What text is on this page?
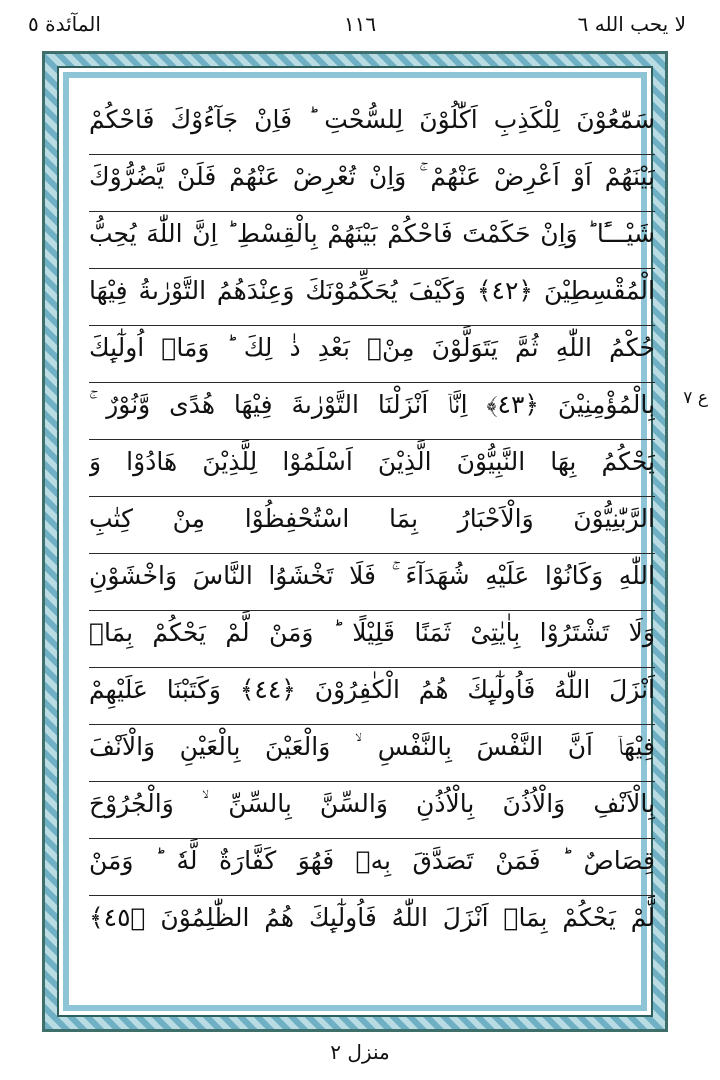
المآئدة ٥	١١٦	لا يحب الله ٦
سَمّٰعُوْنَ لِلْكَذِبِ اَكّٰلُوْنَ لِلسُّحْتِ ؕ فَاِنْ جَآءُوْكَ فَاحْكُمْ
بَيْنَهُمْ اَوْ اَعْرِضْ عَنْهُمْ ۚ وَاِنْ تُعْرِضْ عَنْهُمْ فَلَنْ يَّضُرُّوْكَ
شَيْـــًٔا ؕ وَاِنْ حَكَمْتَ فَاحْكُمْ بَيْنَهُمْ بِالْقِسْطِ ؕ اِنَّ اللّٰهَ يُحِبُّ
الْمُقْسِطِيْنَ ﴿٤٢﴾ وَكَيْفَ يُحَكِّمُوْنَكَ وَعِنْدَهُمُ التَّوْرٰىةُ فِيْهَا
حُكْمُ اللّٰهِ ثُمَّ يَتَوَلَّوْنَ مِنْۢ بَعْدِ ذٰ لِكَ ؕ وَمَاۤ اُولٰٓٮِٕكَ
بِالْمُؤْمِنِيْنَ ﴿٤٣﴾ اِنَّاۤ اَنْزَلْنَا التَّوْرٰىةَ فِيْهَا هُدًى وَّنُوْرٌ ۚ
يَحْكُمُ بِهَا النَّبِيُّوْنَ الَّذِيْنَ اَسْلَمُوْا لِلَّذِيْنَ هَادُوْا وَ
الرَّبّٰنِيُّوْنَ وَالْاَحْبَارُ بِمَا اسْتُحْفِظُوْا مِنْ كِتٰبِ
اللّٰهِ وَكَانُوْا عَلَيْهِ شُهَدَآءَ ۚ فَلَا تَخْشَوُا النَّاسَ وَاخْشَوْنِ
وَلَا تَشْتَرُوْا بِاٰيٰتِىْ ثَمَنًا قَلِيْلًا ؕ وَمَنْ لَّمْ يَحْكُمْ بِمَاۤ
اَنْزَلَ اللّٰهُ فَاُولٰٓٮِٕكَ هُمُ الْكٰفِرُوْنَ ﴿٤٤﴾ وَكَتَبْنَا عَلَيْهِمْ
فِيْهَاۤ اَنَّ النَّفْسَ بِالنَّفْسِ ۙ وَالْعَيْنَ بِالْعَيْنِ وَالْاَنْفَ
بِالْاَنْفِ وَالْاُذُنَ بِالْاُذُنِ وَالسِّنَّ بِالسِّنِّ ۙ وَالْجُرُوْحَ
قِصَاصٌ ؕ فَمَنْ تَصَدَّقَ بِهٖ فَهُوَ كَفَّارَةٌ لَّهٗ ؕ وَمَنْ
لَّمْ يَحْكُمْ بِمَاۤ اَنْزَلَ اللّٰهُ فَاُولٰٓٮِٕكَ هُمُ الظّٰلِمُوْنَ ﴿٤٥﴾
ع ٧
منزل ٢
